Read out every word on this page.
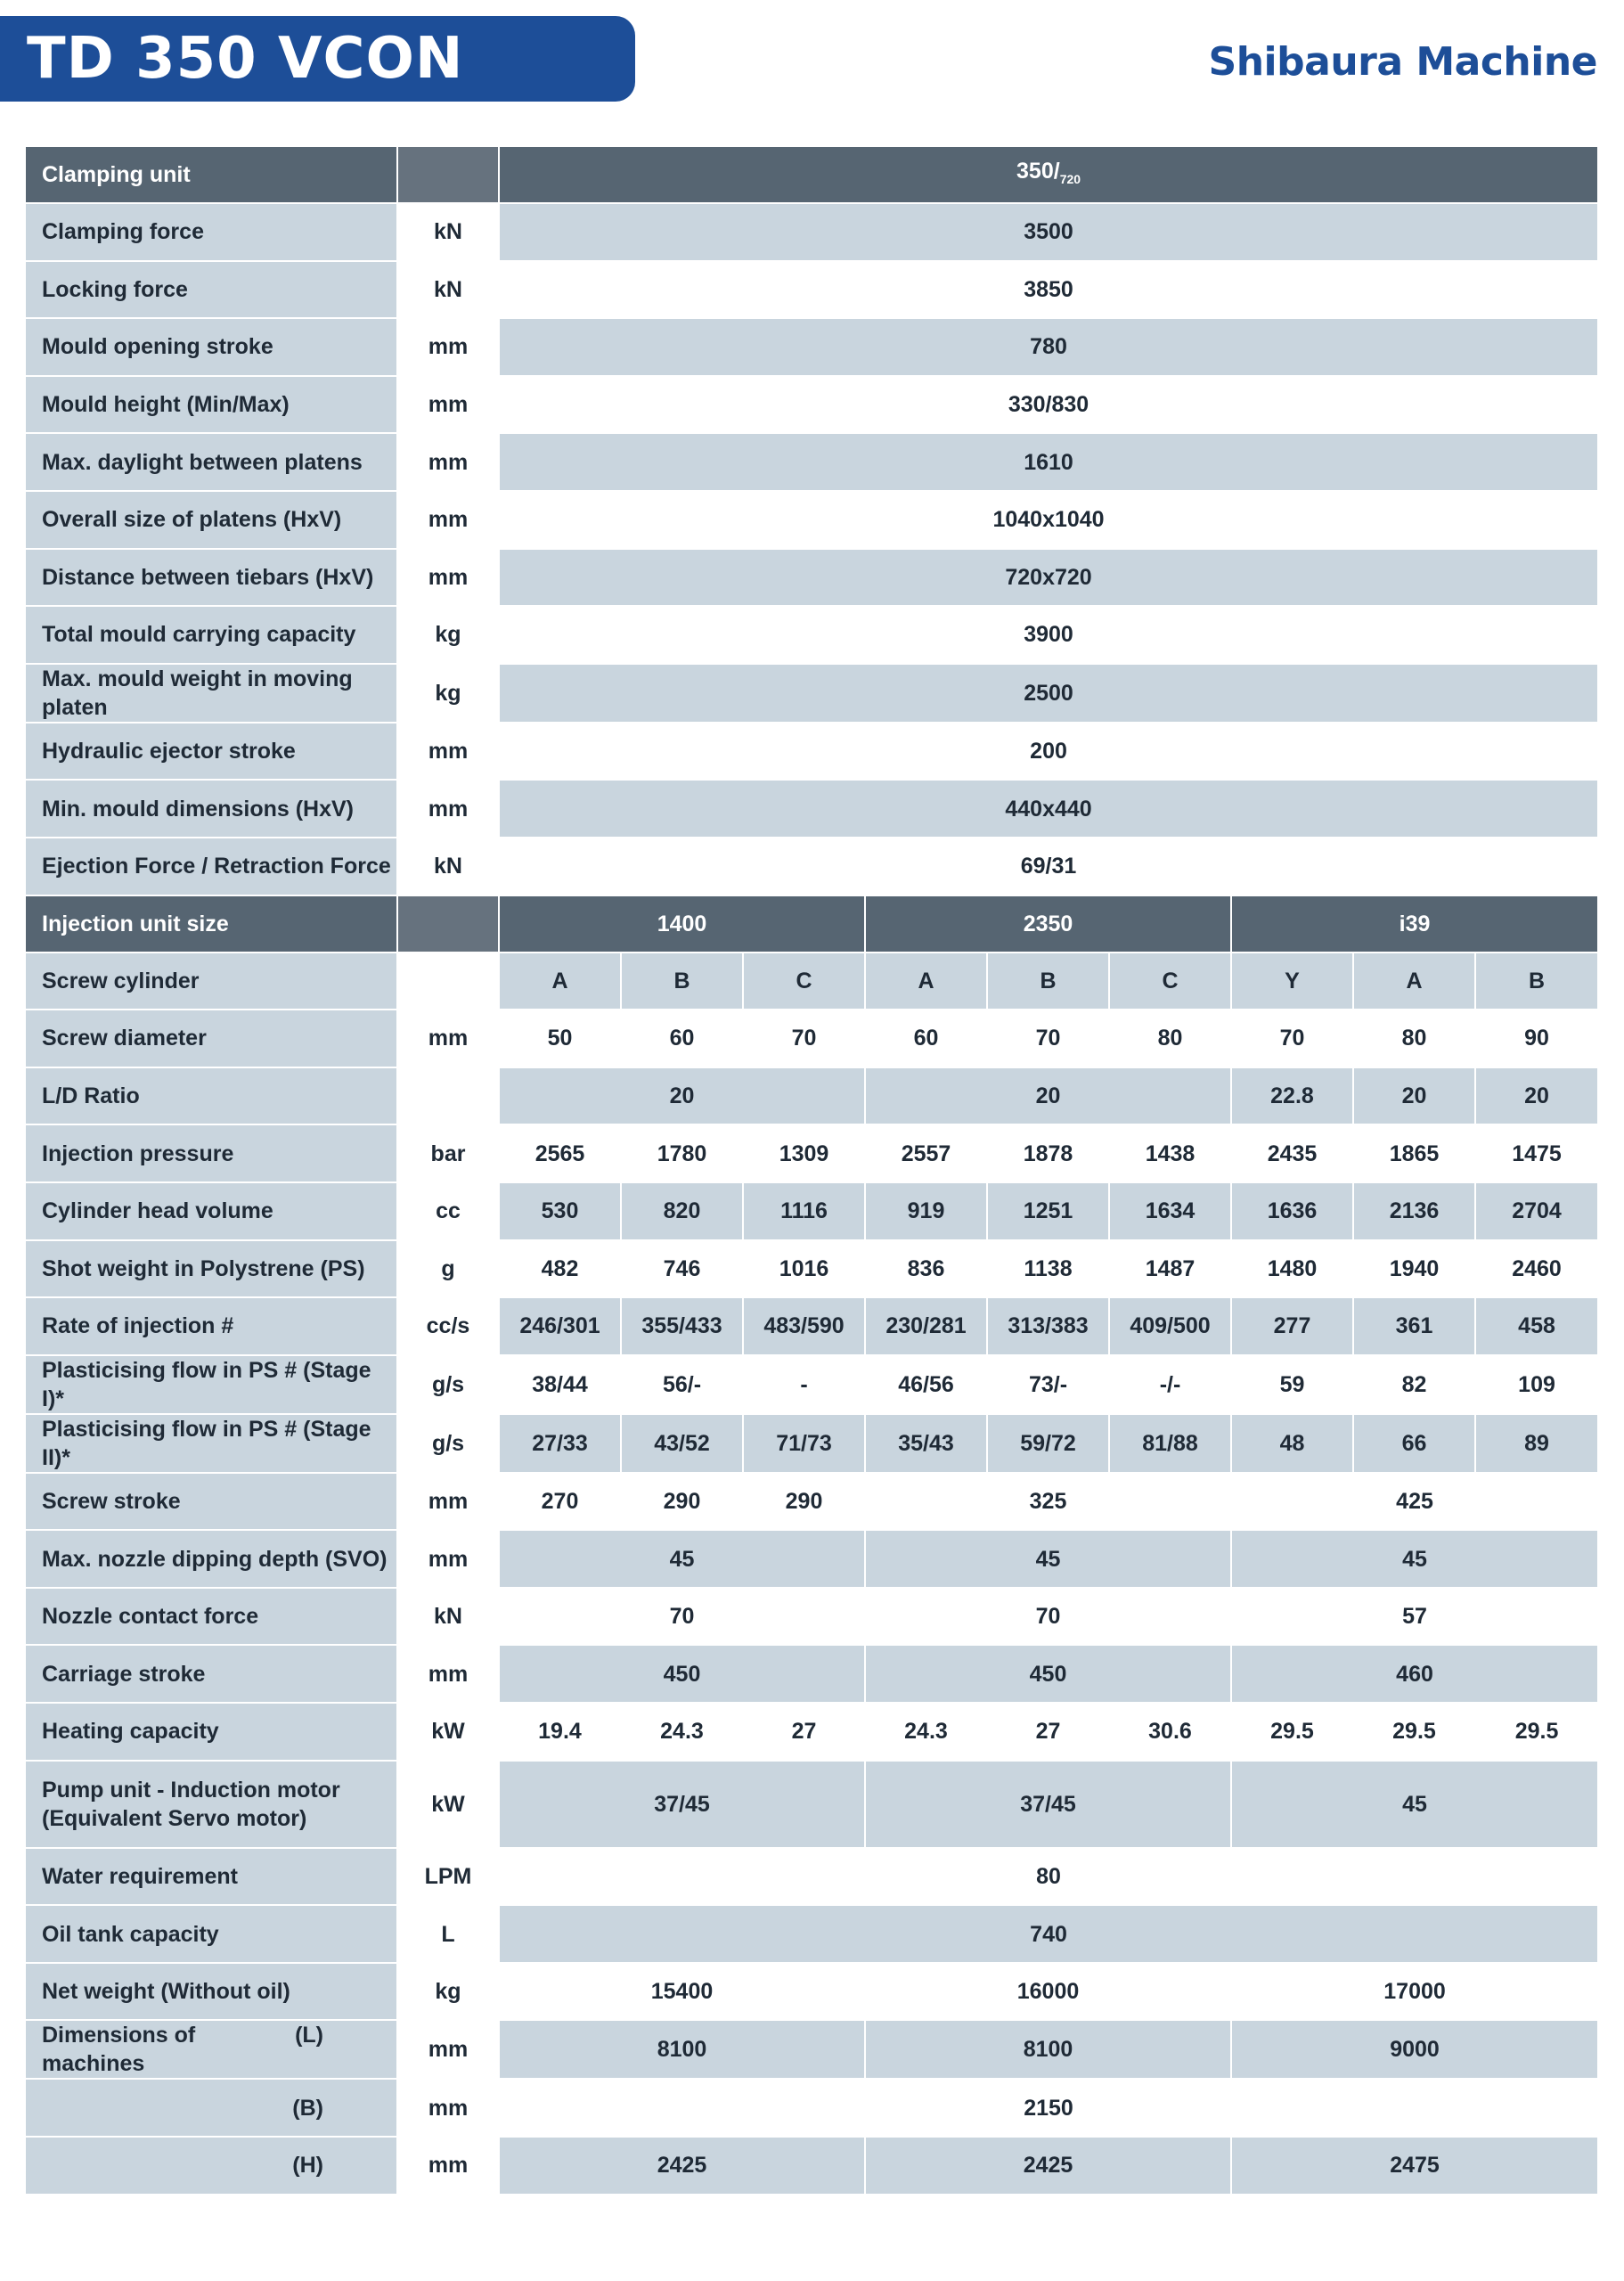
TD 350 VCON	Shibaura Machine
Clamping unit		$350/_{720}$
Clamping force	kN	3500								
Locking force	kN	3850								
Mould opening stroke	mm	780								
Mould height (Min/Max)	mm	330/830								
Max. daylight between platens	mm	1610								
Overall size of platens (HxV)	mm	1040x1040								
Distance between tiebars (HxV)	mm	720x720								
Total mould carrying capacity	kg	3900								
Max. mould weight in moving platen	kg	2500								
Hydraulic ejector stroke	mm	200								
Min. mould dimensions (HxV)	mm	440x440								
Ejection Force / Retraction Force	kN	69/31								
Injection unit size		1400			2350			i39		

Screw cylinder		A	B	C	A	B	C	Y	A	B

Screw diameter	mm	50	60	70	60	70	80	70	80	90

L/D Ratio		20			20			22.8	20	20

Injection pressure	bar	2565	1780	1309	2557	1878	1438	2435	1865	1475

Cylinder head volume	cc	530	820	1116	919	1251	1634	1636	2136	2704

Shot weight in Polystrene (PS)	g	482	746	1016	836	1138	1487	1480	1940	2460

Rate of injection #	cc/s	246/301	355/433	483/590	230/281	313/383	409/500	277	361	458

Plasticising flow in PS # (Stage I)*	g/s	38/44	56/-	-	46/56	73/-	-/-	59	82	109

Plasticising flow in PS # (Stage II)*	g/s	27/33	43/52	71/73	35/43	59/72	81/88	48	66	89

Screw stroke	mm	270	290	290	325			425		

Max. nozzle dipping depth (SVO)	mm	45			45			45		

Nozzle contact force	kN	70			70			57		

Carriage stroke	mm	450			450			460		

Heating capacity	kW	19.4	24.3	27	24.3	27	30.6	29.5	29.5	29.5

Pump unit - Induction motor
(Equivalent Servo motor)	kW	37/45			37/45			45		

Water requirement	LPM	80								

Oil tank capacity	L	740								

Net weight (Without oil)	kg	15400			16000			17000		

Dimensions of machines
(L)	mm	8100			8100			9000		

(B)	mm	2150								

(H)	mm	2425			2425			2475		
